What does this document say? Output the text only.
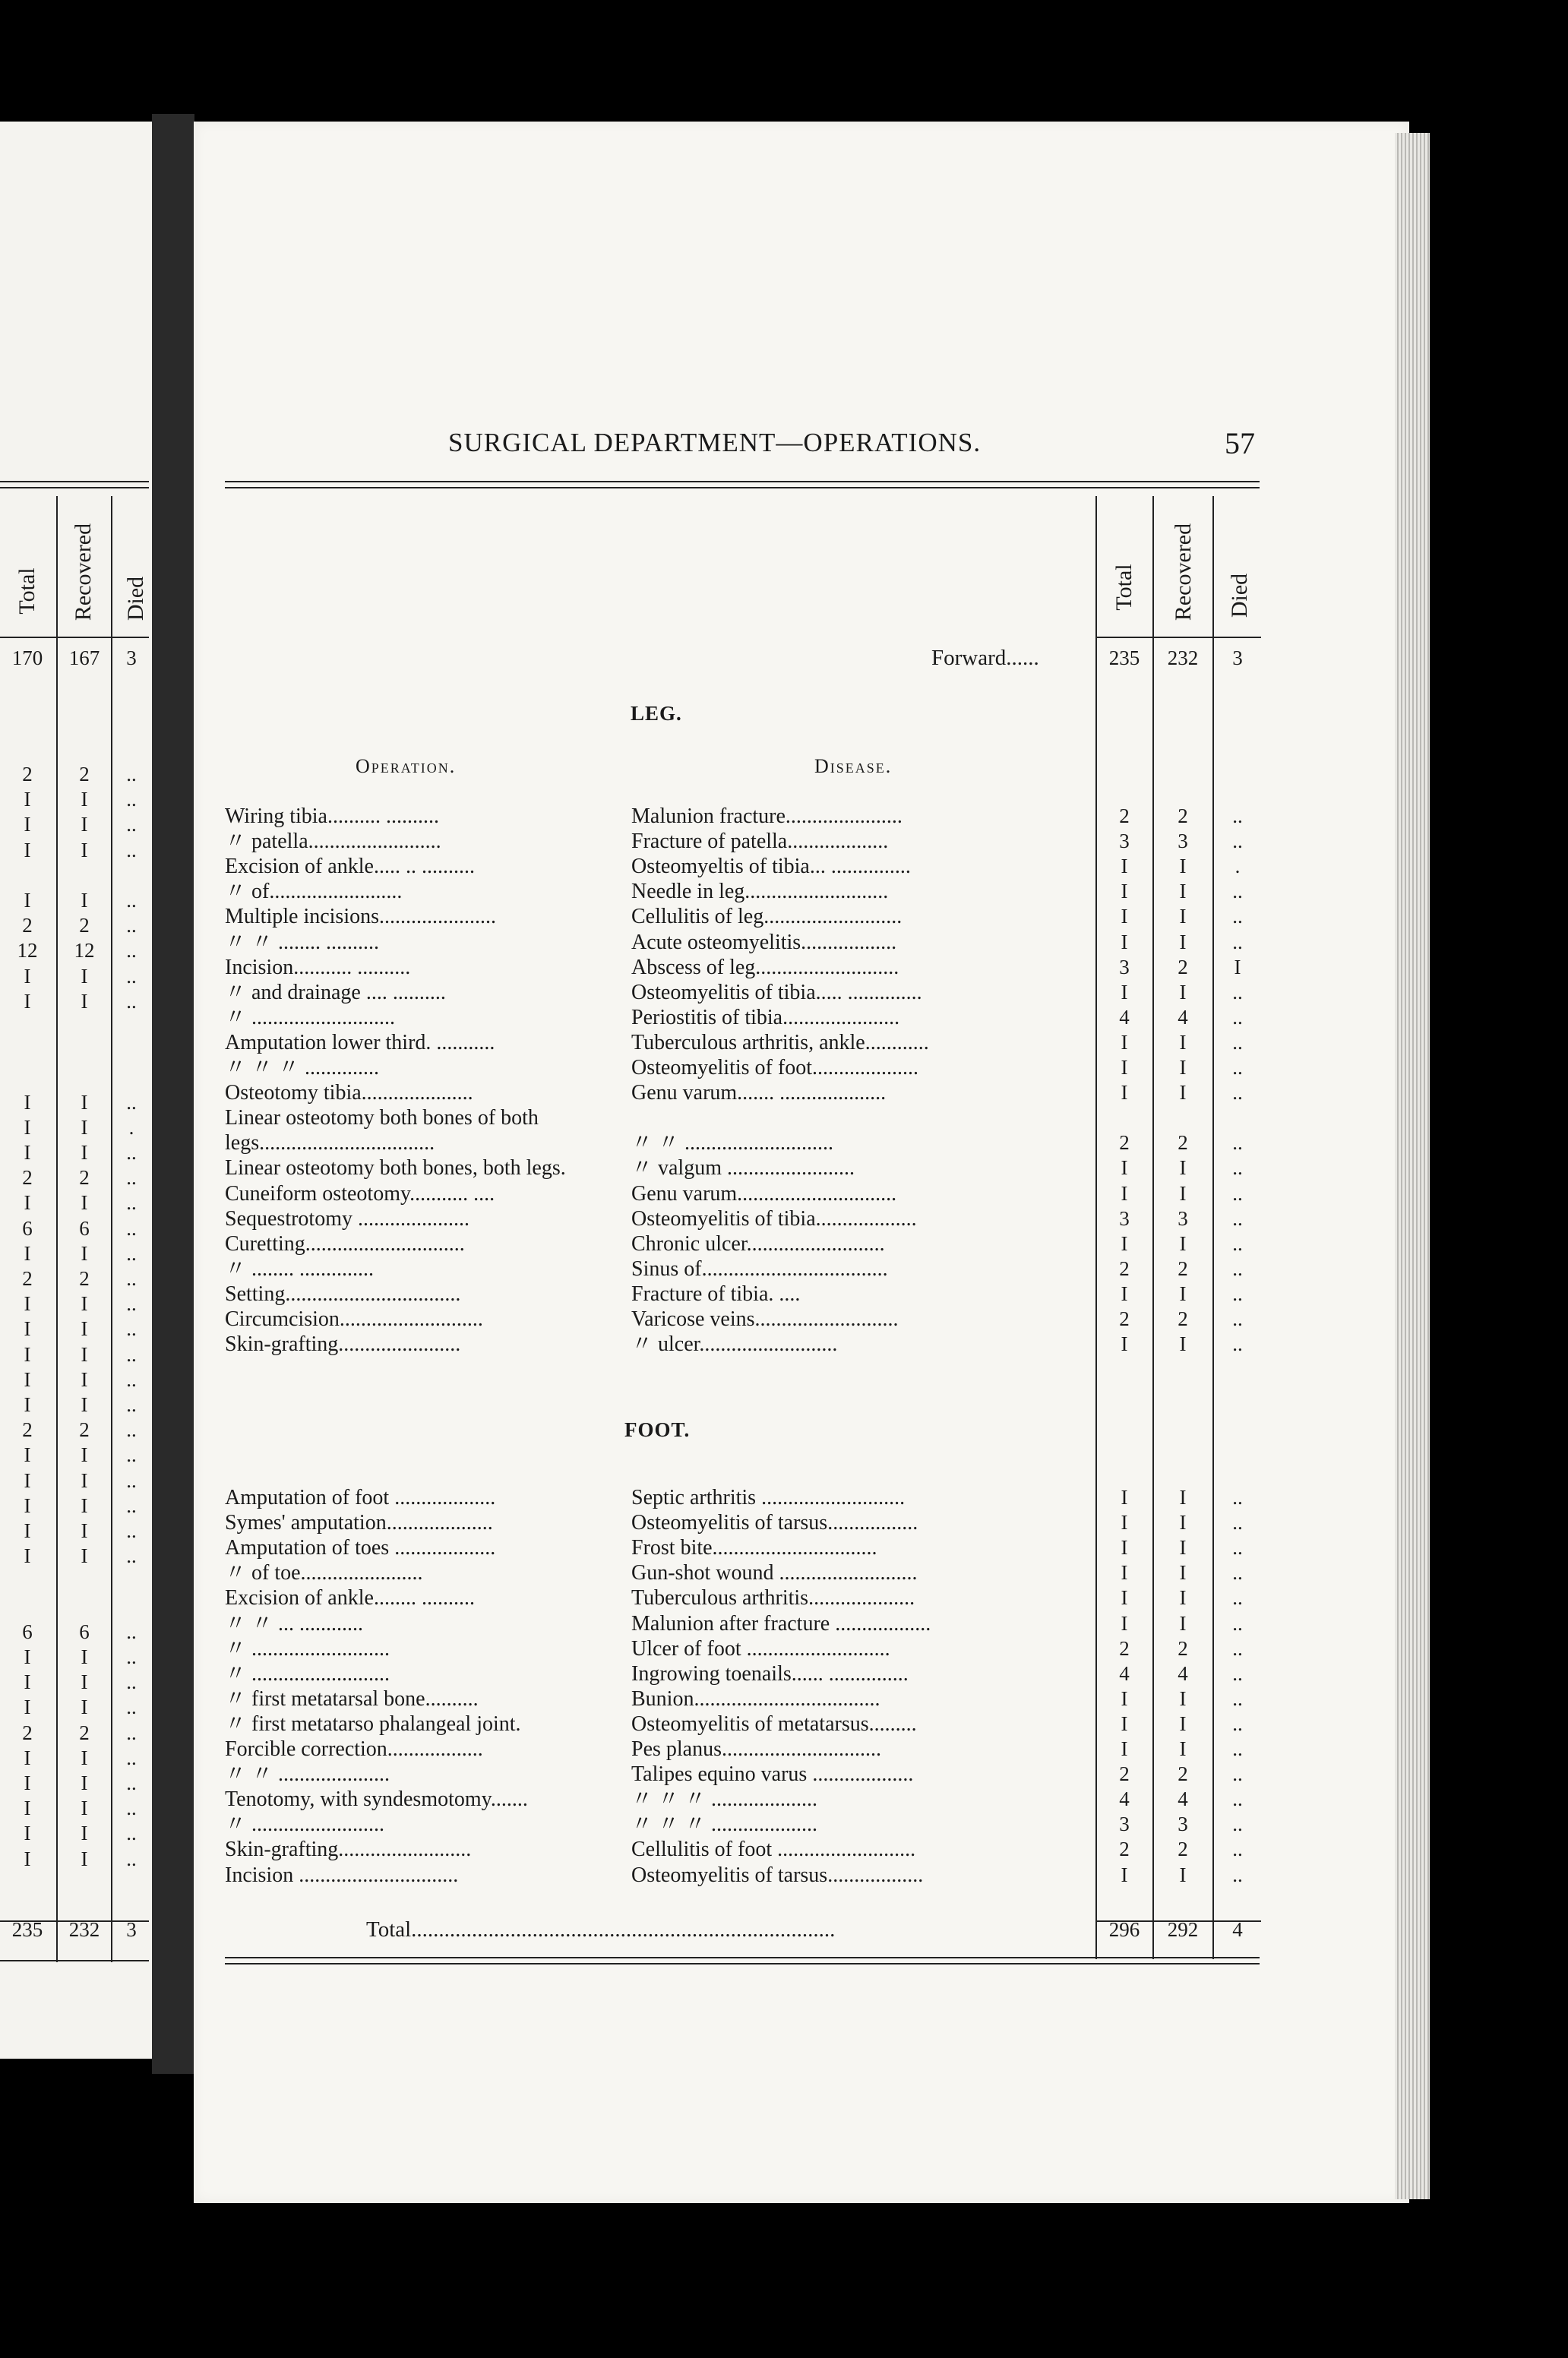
SURGICAL DEPARTMENT—OPERATIONS.	57
Total Recovered Died
Forward......	235	232	3
LEG.
Operation.	Disease.
Wiring tibia.......... ..........	Malunion fracture......................	2	2	..
〃 patella.........................	Fracture of patella...................	3	3	..
Excision of ankle..... .. ..........	Osteomyeltis of tibia... ...............	I	I	.
〃 of.........................	Needle in leg...........................	I	I	..
Multiple incisions......................	Cellulitis of leg..........................	I	I	..
〃 〃 ........ ..........	Acute osteomyelitis..................	I	I	..
Incision........... ..........	Abscess of leg...........................	3	2	I
〃 and drainage .... ..........	Osteomyelitis of tibia..... ..............	I	I	..
〃 ...........................	Periostitis of tibia......................	4	4	..
Amputation lower third. ...........	Tuberculous arthritis, ankle............	I	I	..
〃 〃 〃 ..............	Osteomyelitis of foot....................	I	I	..
Osteotomy tibia.....................	Genu varum....... ....................	I	I	..
Linear osteotomy both bones of both
legs.................................	〃 〃 ............................	2	2	..
Linear osteotomy both bones, both legs.	〃 valgum ........................	I	I	..
Cuneiform osteotomy........... ....	Genu varum..............................	I	I	..
Sequestrotomy .....................	Osteomyelitis of tibia...................	3	3	..
Curetting..............................	Chronic ulcer..........................	I	I	..
〃 ........ ..............	Sinus of...................................	2	2	..
Setting.................................	Fracture of tibia. ....	I	I	..
Circumcision...........................	Varicose veins...........................	2	2	..
Skin-grafting.......................	〃 ulcer..........................	I	I	..
FOOT.
Amputation of foot ...................	Septic arthritis ...........................	I	I	..
Symes' amputation....................	Osteomyelitis of tarsus.................	I	I	..
Amputation of toes ...................	Frost bite...............................	I	I	..
〃 of toe.......................	Gun-shot wound ..........................	I	I	..
Excision of ankle........ ..........	Tuberculous arthritis....................	I	I	..
〃 〃 ... ............	Malunion after fracture ..................	I	I	..
〃 ..........................	Ulcer of foot ...........................	2	2	..
〃 ..........................	Ingrowing toenails...... ...............	4	4	..
〃 first metatarsal bone..........	Bunion...................................	I	I	..
〃 first metatarso phalangeal joint.	Osteomyelitis of metatarsus.........	I	I	..
Forcible correction..................	Pes planus..............................	I	I	..
〃 〃 .....................	Talipes equino varus ...................	2	2	..
Tenotomy, with syndesmotomy.......	〃 〃 〃 ....................	4	4	..
〃 .........................	〃 〃 〃 ....................	3	3	..
Skin-grafting.........................	Cellulitis of foot ..........................	2	2	..
Incision ..............................	Osteomyelitis of tarsus..................	I	I	..
Total.............................................................................	296	292	4
Total Recovered Died
170	167	3
2	2	..
I	I	..
I	I	..
I	I	..
I	I	..
2	2	..
12	12	..
I	I	..
I	I	..
I	I	..
I	I	.
I	I	..
2	2	..
I	I	..
6	6	..
I	I	..
2	2	..
I	I	..
I	I	..
I	I	..
I	I	..
I	I	..
2	2	..
I	I	..
I	I	..
I	I	..
I	I	..
I	I	..
6	6	..
I	I	..
I	I	..
I	I	..
2	2	..
I	I	..
I	I	..
I	I	..
I	I	..
I	I	..
235	232	3
